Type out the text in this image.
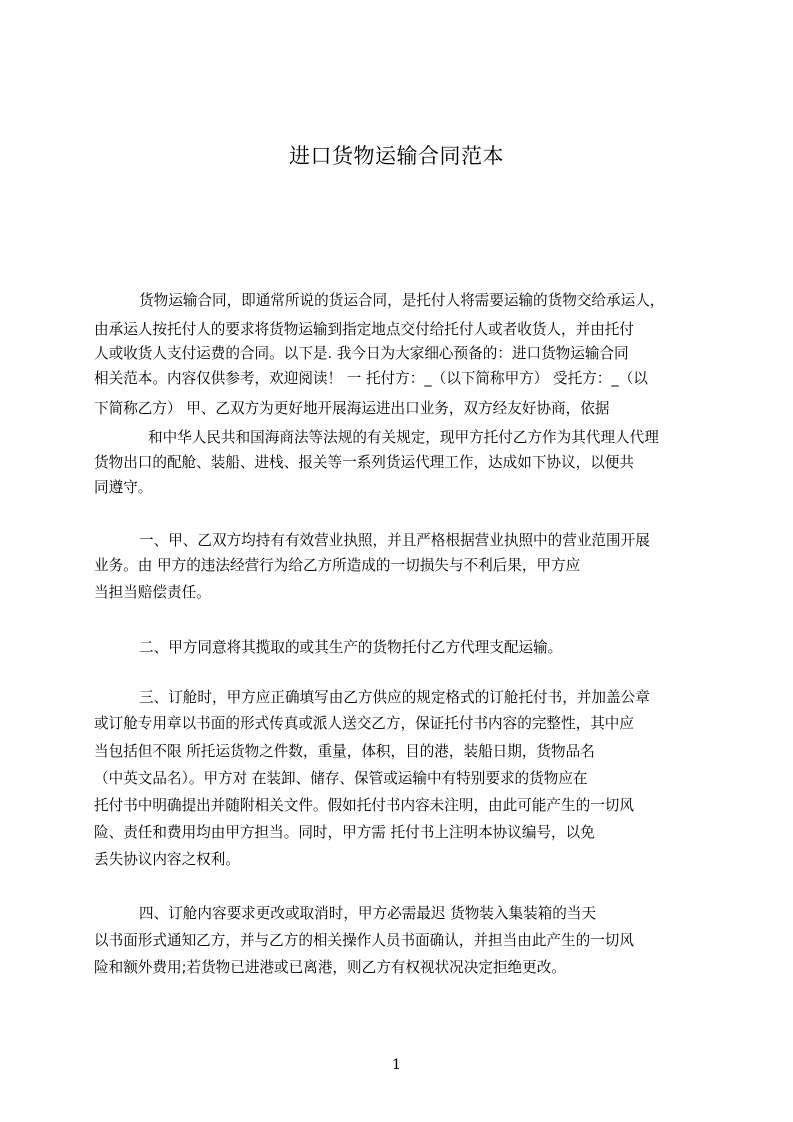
进口货物运输合同范本
货物运输合同，即通常所说的货运合同，是托付人将需要运输的货物交给承运人，
由承运人按托付人的要求将货物运输到指定地点交付给托付人或者收货人，并由托付
人或收货人支付运费的合同。以下是. 我今日为大家细心预备的：进口货物运输合同
相关范本。内容仅供参考，欢迎阅读！ 一 托付方：_（以下简称甲方） 受托方：_（以
下简称乙方） 甲、乙双方为更好地开展海运进出口业务，双方经友好协商，依据
和中华人民共和国海商法等法规的有关规定，现甲方托付乙方作为其代理人代理
货物出口的配舱、装船、进栈、报关等一系列货运代理工作，达成如下协议，以便共
同遵守。
一、甲、乙双方均持有有效营业执照，并且严格根据营业执照中的营业范围开展
业务。由 甲方的违法经营行为给乙方所造成的一切损失与不利后果，甲方应
当担当赔偿责任。
二、甲方同意将其揽取的或其生产的货物托付乙方代理支配运输。
三、订舱时，甲方应正确填写由乙方供应的规定格式的订舱托付书，并加盖公章
或订舱专用章以书面的形式传真或派人送交乙方，保证托付书内容的完整性，其中应
当包括但不限 所托运货物之件数，重量，体积，目的港，装船日期，货物品名
（中英文品名）。甲方对 在装卸、储存、保管或运输中有特别要求的货物应在
托付书中明确提出并随附相关文件。假如托付书内容未注明，由此可能产生的一切风
险、责任和费用均由甲方担当。同时，甲方需 托付书上注明本协议编号，以免
丢失协议内容之权利。
四、订舱内容要求更改或取消时，甲方必需最迟 货物装入集装箱的当天
以书面形式通知乙方，并与乙方的相关操作人员书面确认，并担当由此产生的一切风
险和额外费用;若货物已进港或已离港，则乙方有权视状况决定拒绝更改。
1
